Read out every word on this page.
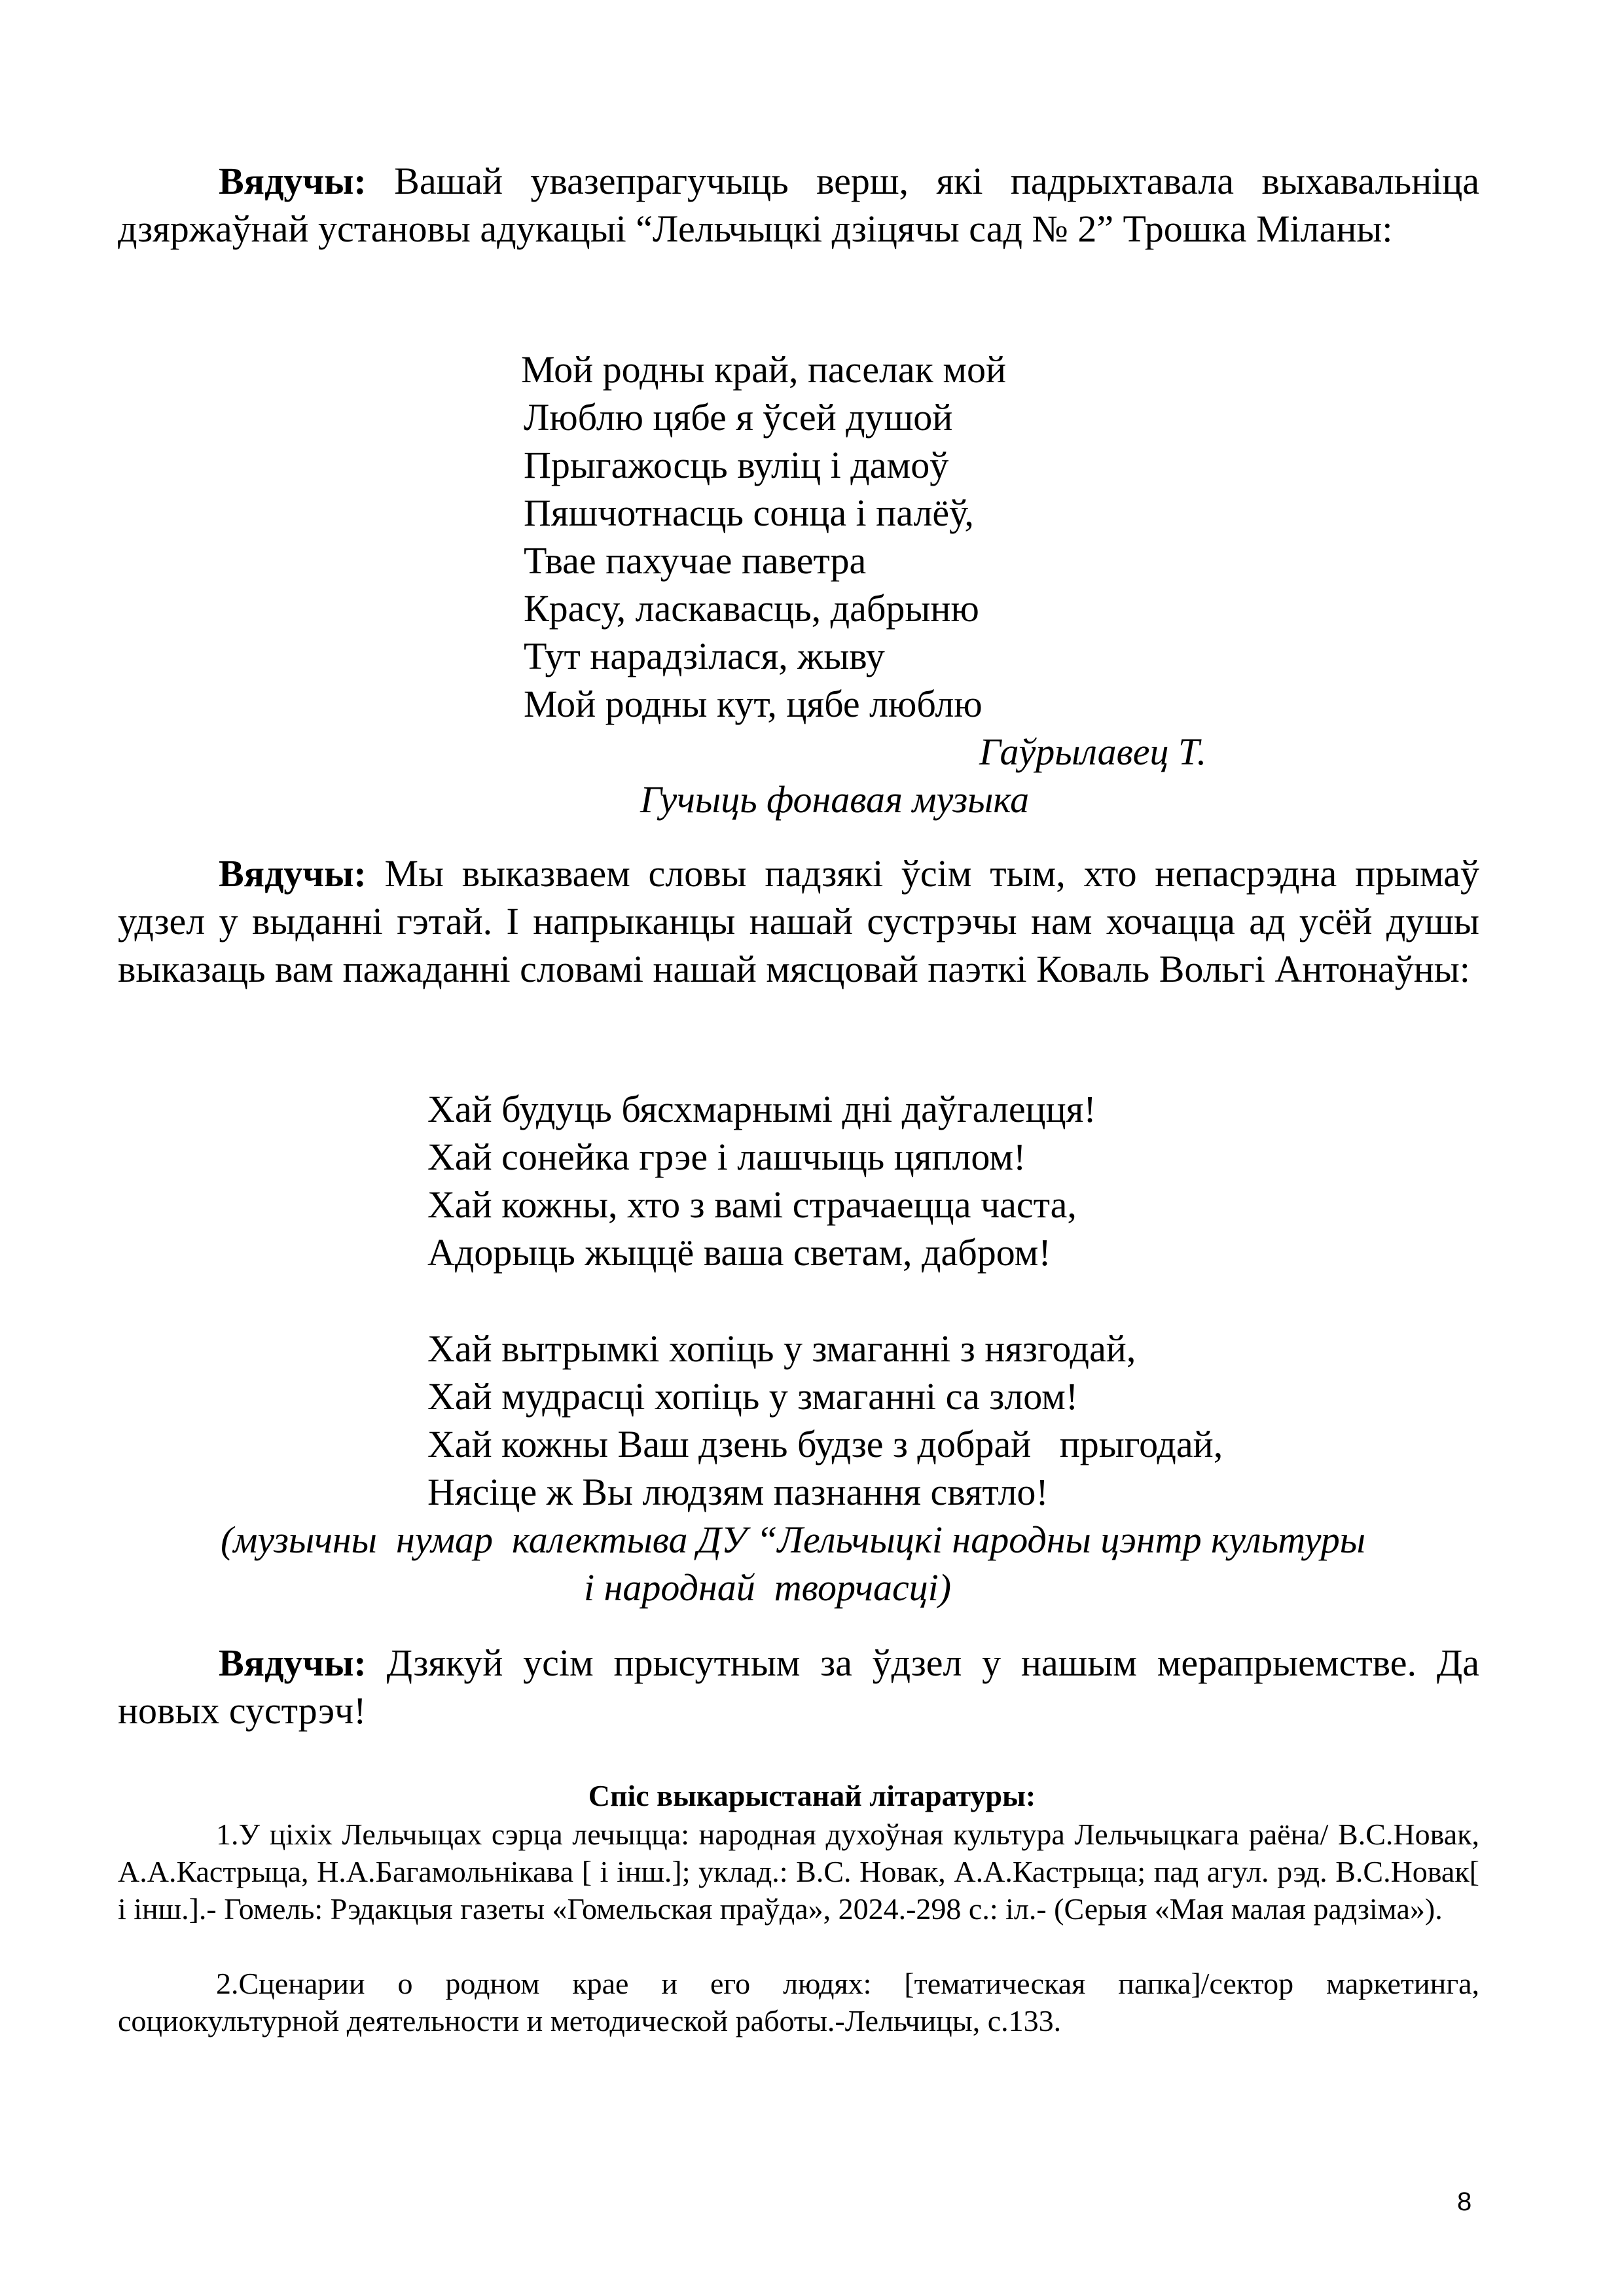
Вядучы: Вашай увазепрагучыць верш, які падрыхтавала выхавальніца дзяржаўнай установы адукацыі “Лельчыцкі дзіцячы сад № 2” Трошка Міланы:

Мой родны край, паселак мой
Люблю цябе я ўсей душой
Прыгажосць вуліц і дамоў
Пяшчотнасць сонца і палёў,
Твае пахучае паветра
Красу, ласкавасць, дабрыню
Тут нарадзілася, жыву
Мой родны кут, цябе люблю
Гаўрылавец Т.
Гучыць фонавая музыка

Вядучы: Мы выказваем словы падзякі ўсім тым, хто непасрэдна прымаў удзел у выданні гэтай. І напрыканцы нашай сустрэчы нам хочацца ад усёй душы выказаць вам пажаданні словамі нашай мясцовай паэткі Коваль Вольгі Антонаўны:

Хай будуць бясхмарнымі дні даўгалецця!
Хай сонейка грэе і лашчыць цяплом!
Хай кожны, хто з вамі страчаецца часта,
Адорыць жыццё ваша светам, дабром!
Хай вытрымкі хопіць у змаганні з нязгодай,
Хай мудрасці хопіць у змаганні са злом!
Хай кожны Ваш дзень будзе з добрай   прыгодай,
Нясіце ж Вы людзям пазнання святло!
(музычны  нумар  калектыва ДУ “Лельчыцкі народны цэнтр культуры
і народнай  творчасці)

Вядучы: Дзякуй усім прысутным за ўдзел у нашым мерапрыемстве. Да новых сустрэч!

Спіс выкарыстанай літаратуры:

1.У ціхіх Лельчыцах сэрца лечыцца: народная духоўная культура Лельчыцкага раёна/ В.С.Новак, А.А.Кастрыца, Н.А.Багамольнікава [ і інш.]; уклад.: В.С. Новак, А.А.Кастрыца; пад агул. рэд. В.С.Новак[ і інш.].- Гомель: Рэдакцыя газеты «Гомельская праўда», 2024.-298 с.: іл.- (Серыя «Мая малая радзіма»).

2.Сценарии о родном крае и его людях: [тематическая папка]/сектор маркетинга, социокультурной деятельности и методической работы.-Лельчицы, с.133.

8
